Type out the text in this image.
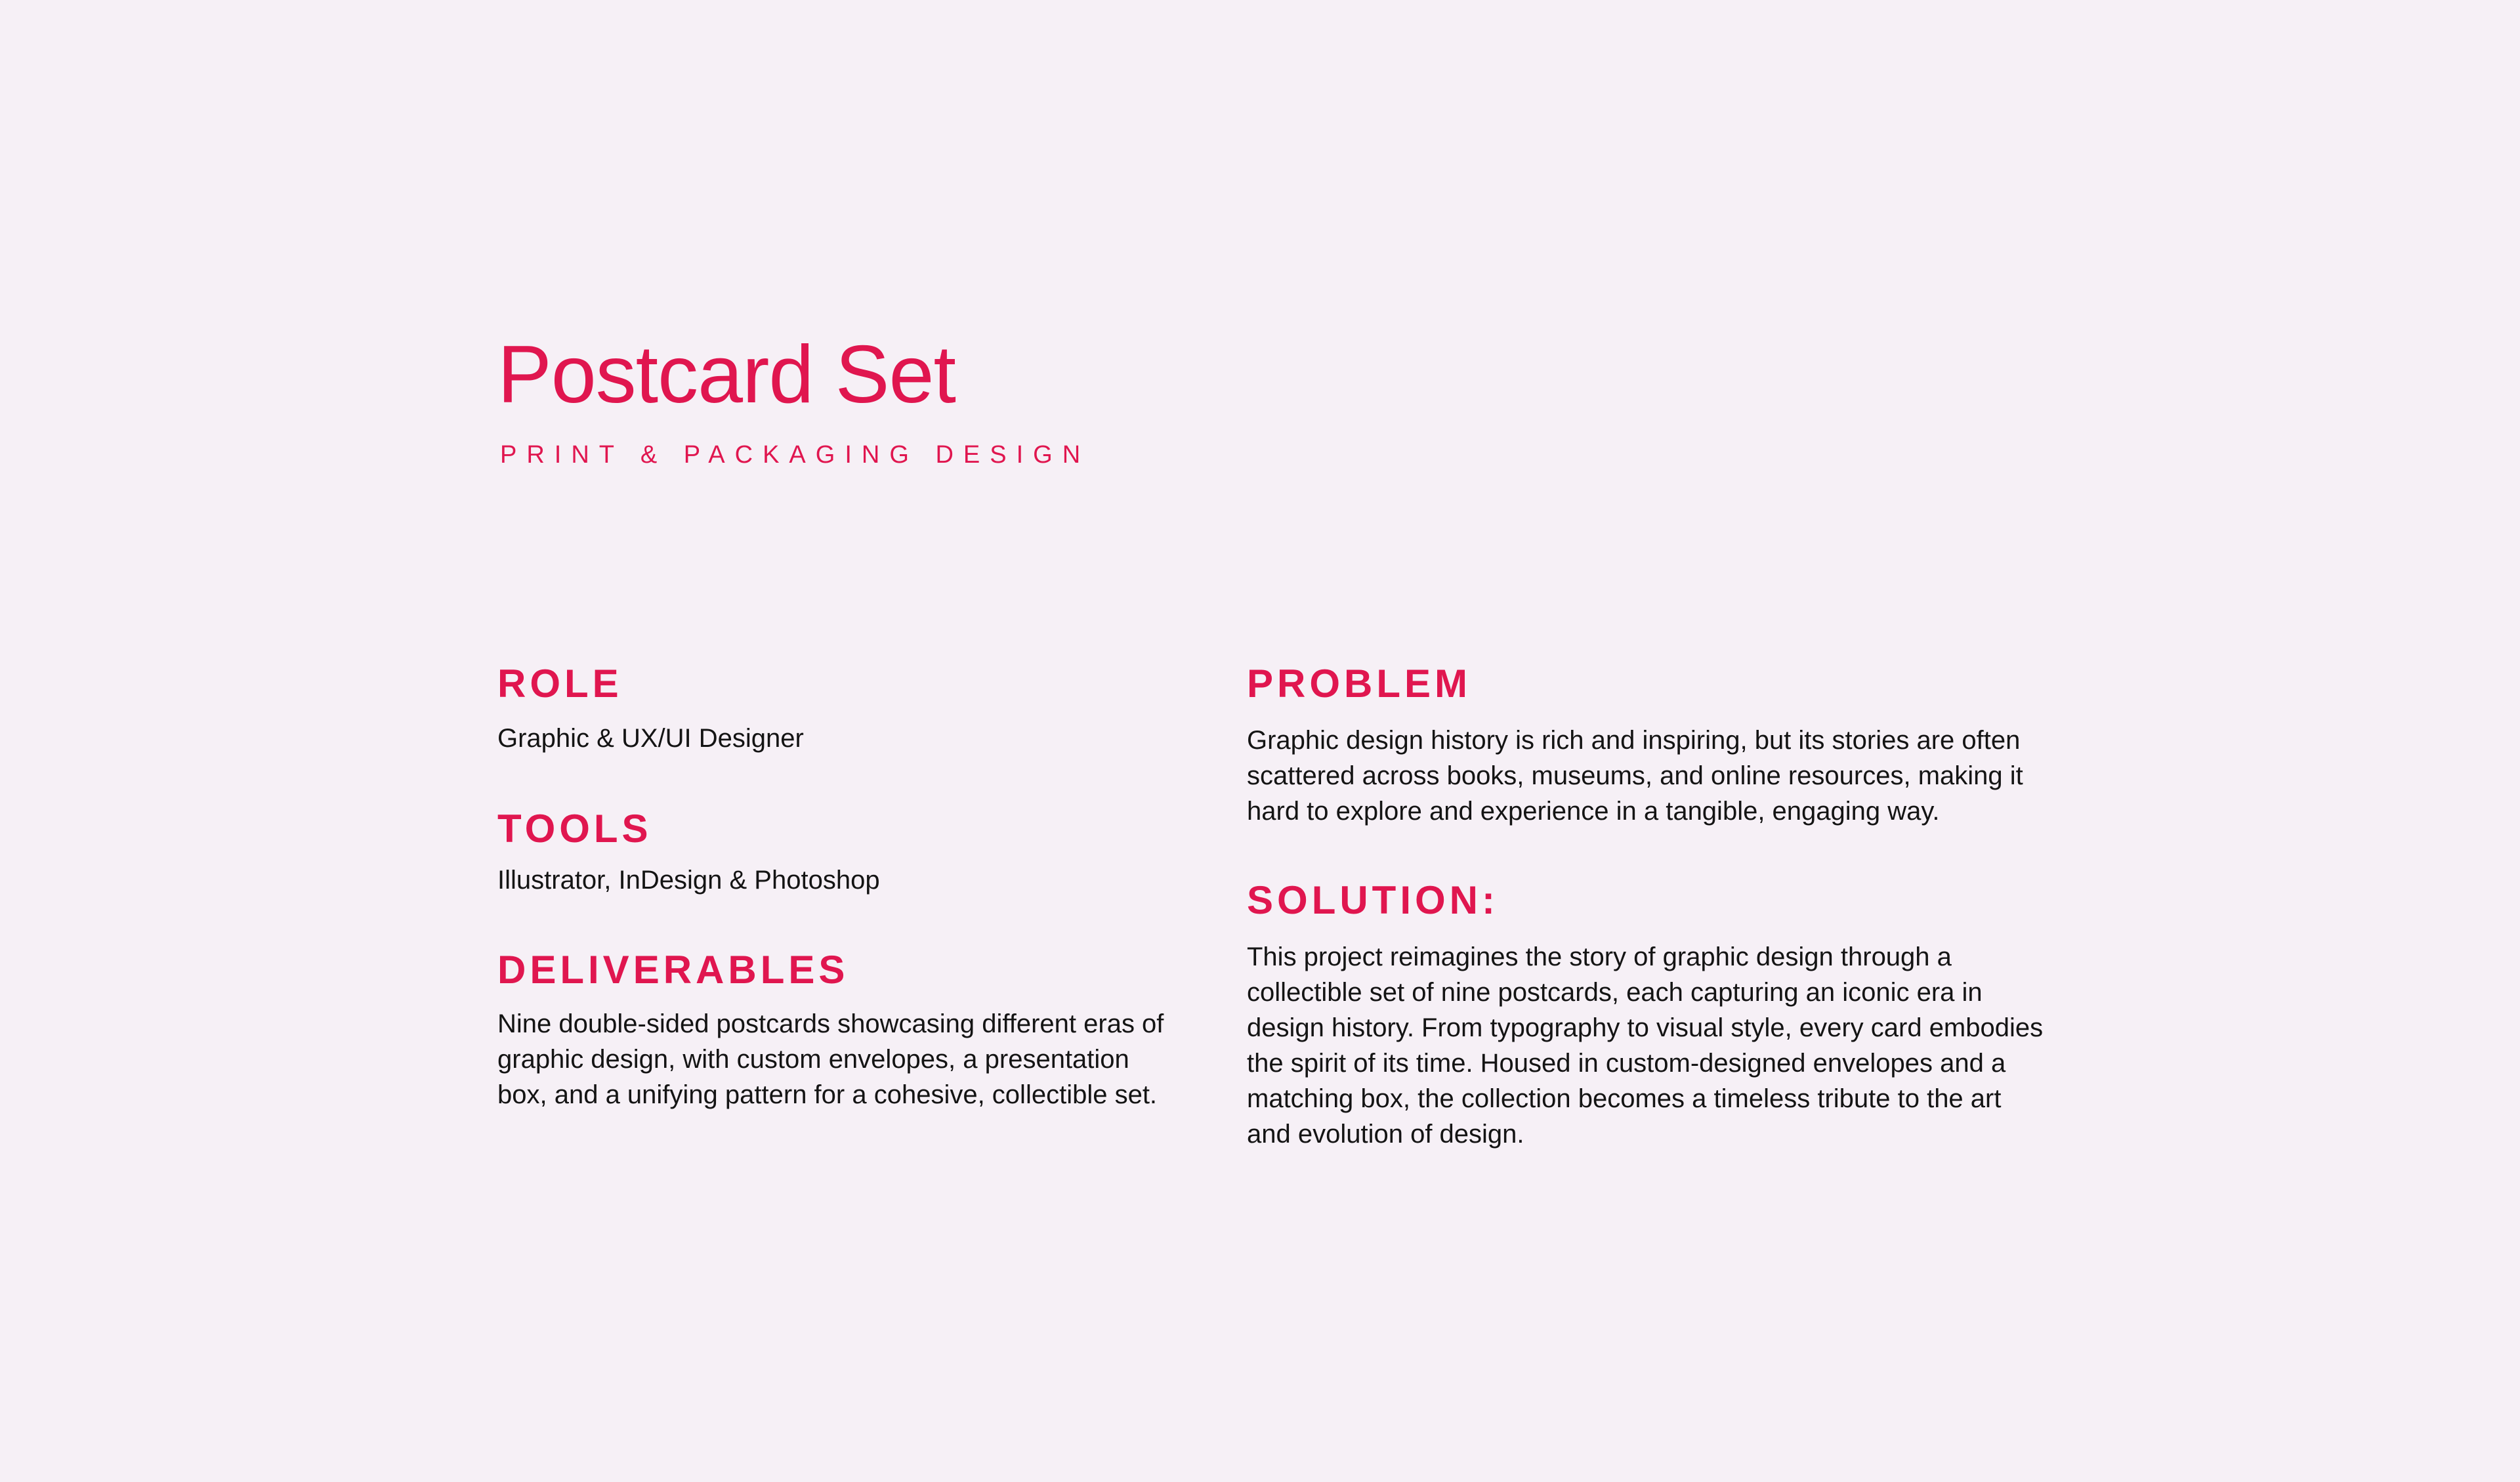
Postcard Set
PRINT & PACKAGING DESIGN
ROLE

Graphic & UX/UI Designer

TOOLS

Illustrator, InDesign & Photoshop

DELIVERABLES

Nine double-sided postcards showcasing different eras of graphic design, with custom envelopes, a presentation box, and a unifying pattern for a cohesive, collectible set.

PROBLEM

Graphic design history is rich and inspiring, but its stories are often scattered across books, museums, and online resources, making it hard to explore and experience in a tangible, engaging way.

SOLUTION:

This project reimagines the story of graphic design through a collectible set of nine postcards, each capturing an iconic era in design history. From typography to visual style, every card embodies the spirit of its time. Housed in custom-designed envelopes and a matching box, the collection becomes a timeless tribute to the art and evolution of design.
